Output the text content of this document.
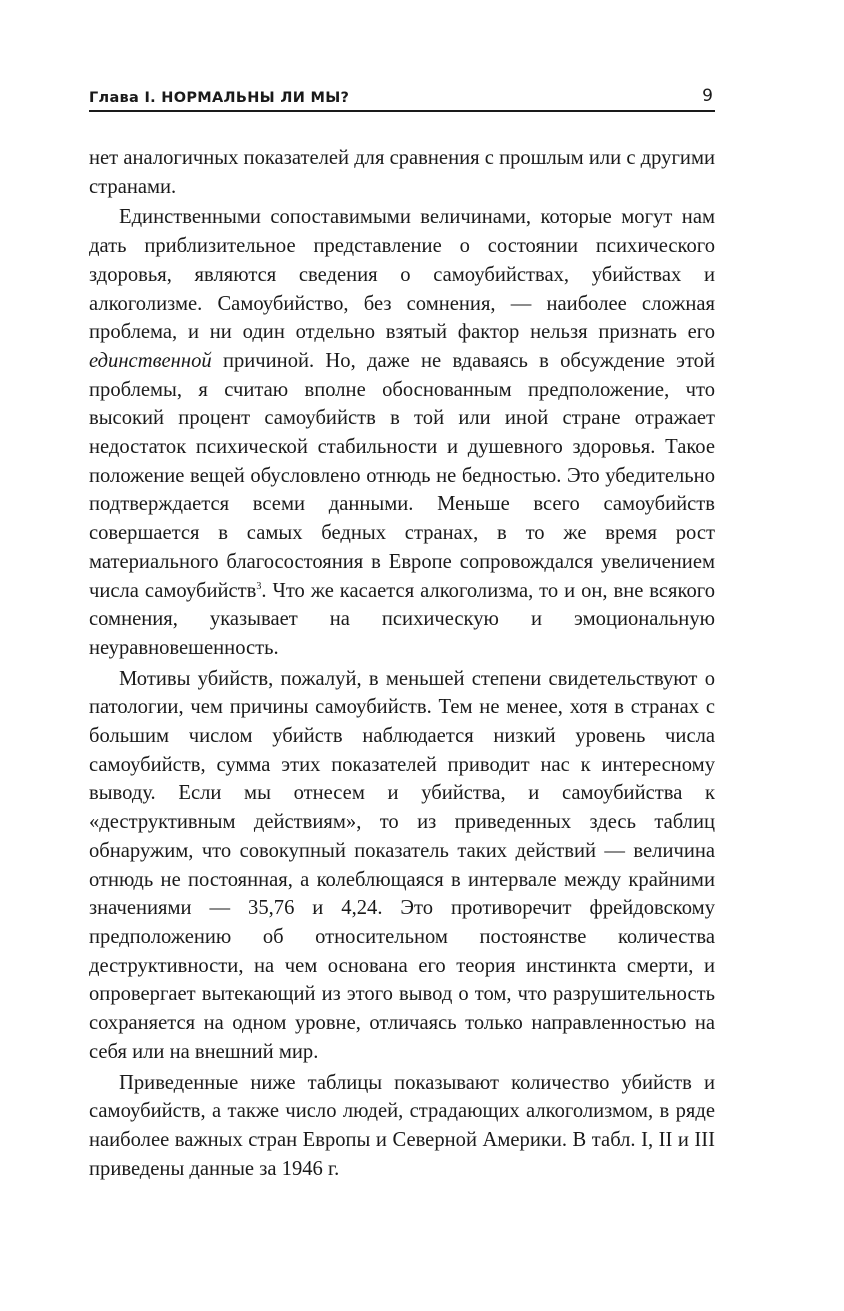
Глава I. НОРМАЛЬНЫ ЛИ МЫ?	9

нет аналогичных показателей для сравнения с прошлым или с другими странами.

Единственными сопоставимыми величинами, которые могут нам дать приблизительное представление о состоянии психического здоровья, являются сведения о самоубийствах, убийствах и алкоголизме. Самоубийство, без сомнения, — наиболее сложная проблема, и ни один отдельно взятый фактор нельзя признать его единственной причиной. Но, даже не вдаваясь в обсуждение этой проблемы, я считаю вполне обоснованным предположение, что высокий процент самоубийств в той или иной стране отражает недостаток психической стабильности и душевного здоровья. Такое положение вещей обусловлено отнюдь не бедностью. Это убедительно подтверждается всеми данными. Меньше всего самоубийств совершается в самых бедных странах, в то же время рост материального благосостояния в Европе сопровождался увеличением числа самоубийств$^3$. Что же касается алкоголизма, то и он, вне всякого сомнения, указывает на психическую и эмоциональную неуравновешенность.

Мотивы убийств, пожалуй, в меньшей степени свидетельствуют о патологии, чем причины самоубийств. Тем не менее, хотя в странах с большим числом убийств наблюдается низкий уровень числа самоубийств, сумма этих показателей приводит нас к интересному выводу. Если мы отнесем и убийства, и самоубийства к «деструктивным действиям», то из приведенных здесь таблиц обнаружим, что совокупный показатель таких действий — величина отнюдь не постоянная, а колеблющаяся в интервале между крайними значениями — 35,76 и 4,24. Это противоречит фрейдовскому предположению об относительном постоянстве количества деструктивности, на чем основана его теория инстинкта смерти, и опровергает вытекающий из этого вывод о том, что разрушительность сохраняется на одном уровне, отличаясь только направленностью на себя или на внешний мир.

Приведенные ниже таблицы показывают количество убийств и самоубийств, а также число людей, страдающих алкоголизмом, в ряде наиболее важных стран Европы и Северной Америки. В табл. I, II и III приведены данные за 1946 г.
